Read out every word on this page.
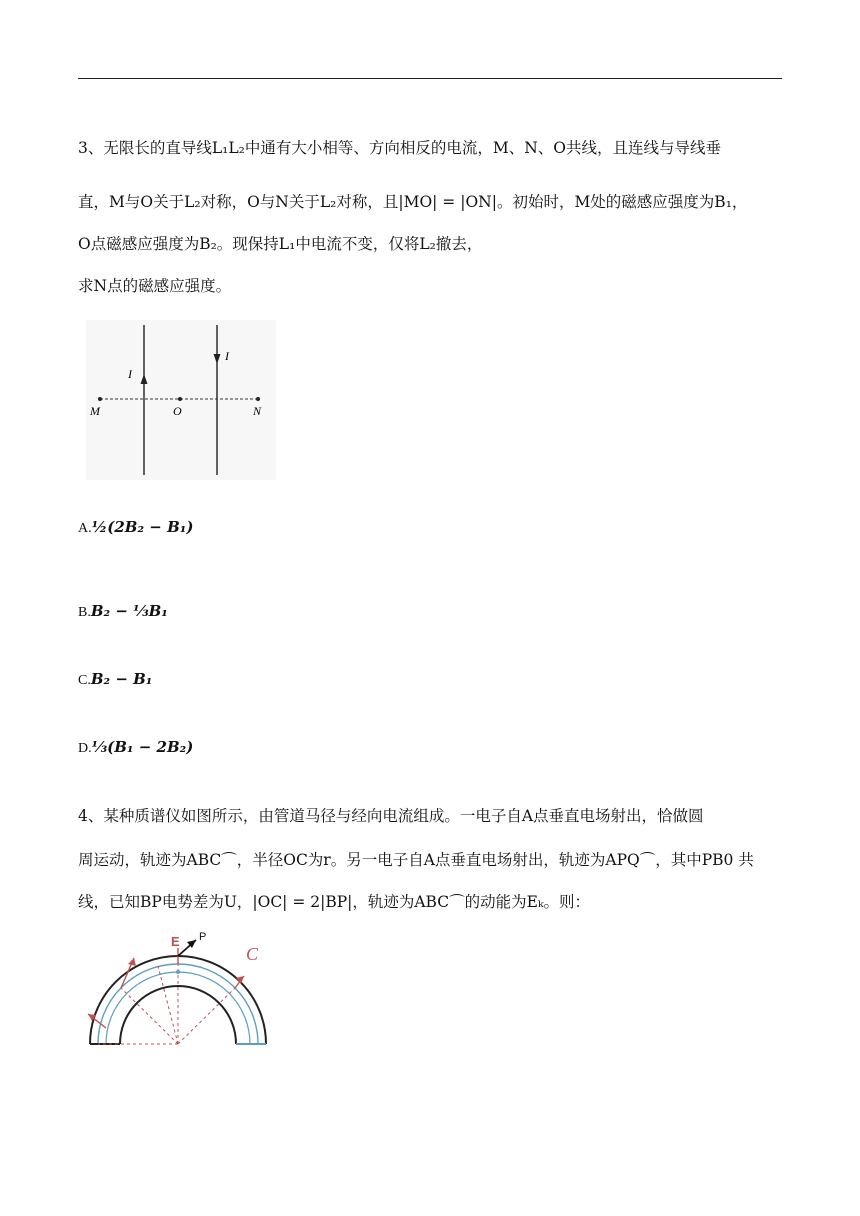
3、无限长的直导线L₁L₂中通有大小相等、方向相反的电流，M、N、O共线，且连线与导线垂
直，M与O关于L₂对称，O与N关于L₂对称，且|MO| = |ON|。初始时，M处的磁感应强度为B₁，
O点磁感应强度为B₂。现保持L₁中电流不变，仅将L₂撤去，
求N点的磁感应强度。
I
I
M	O	N
A.½(2B₂ − B₁)
B.B₂ − ⅓B₁
C.B₂ − B₁
D.⅓(B₁ − 2B₂)
4、某种质谱仪如图所示，由管道马径与经向电流组成。一电子自A点垂直电场射出，恰做圆
周运动，轨迹为ABC⌒，半径OC为r。另一电子自A点垂直电场射出，轨迹为APQ⌒，其中PB0 共
线，已知BP电势差为U，|OC| = 2|BP|，轨迹为ABC⌒的动能为Eₖ。则：
E P
C
